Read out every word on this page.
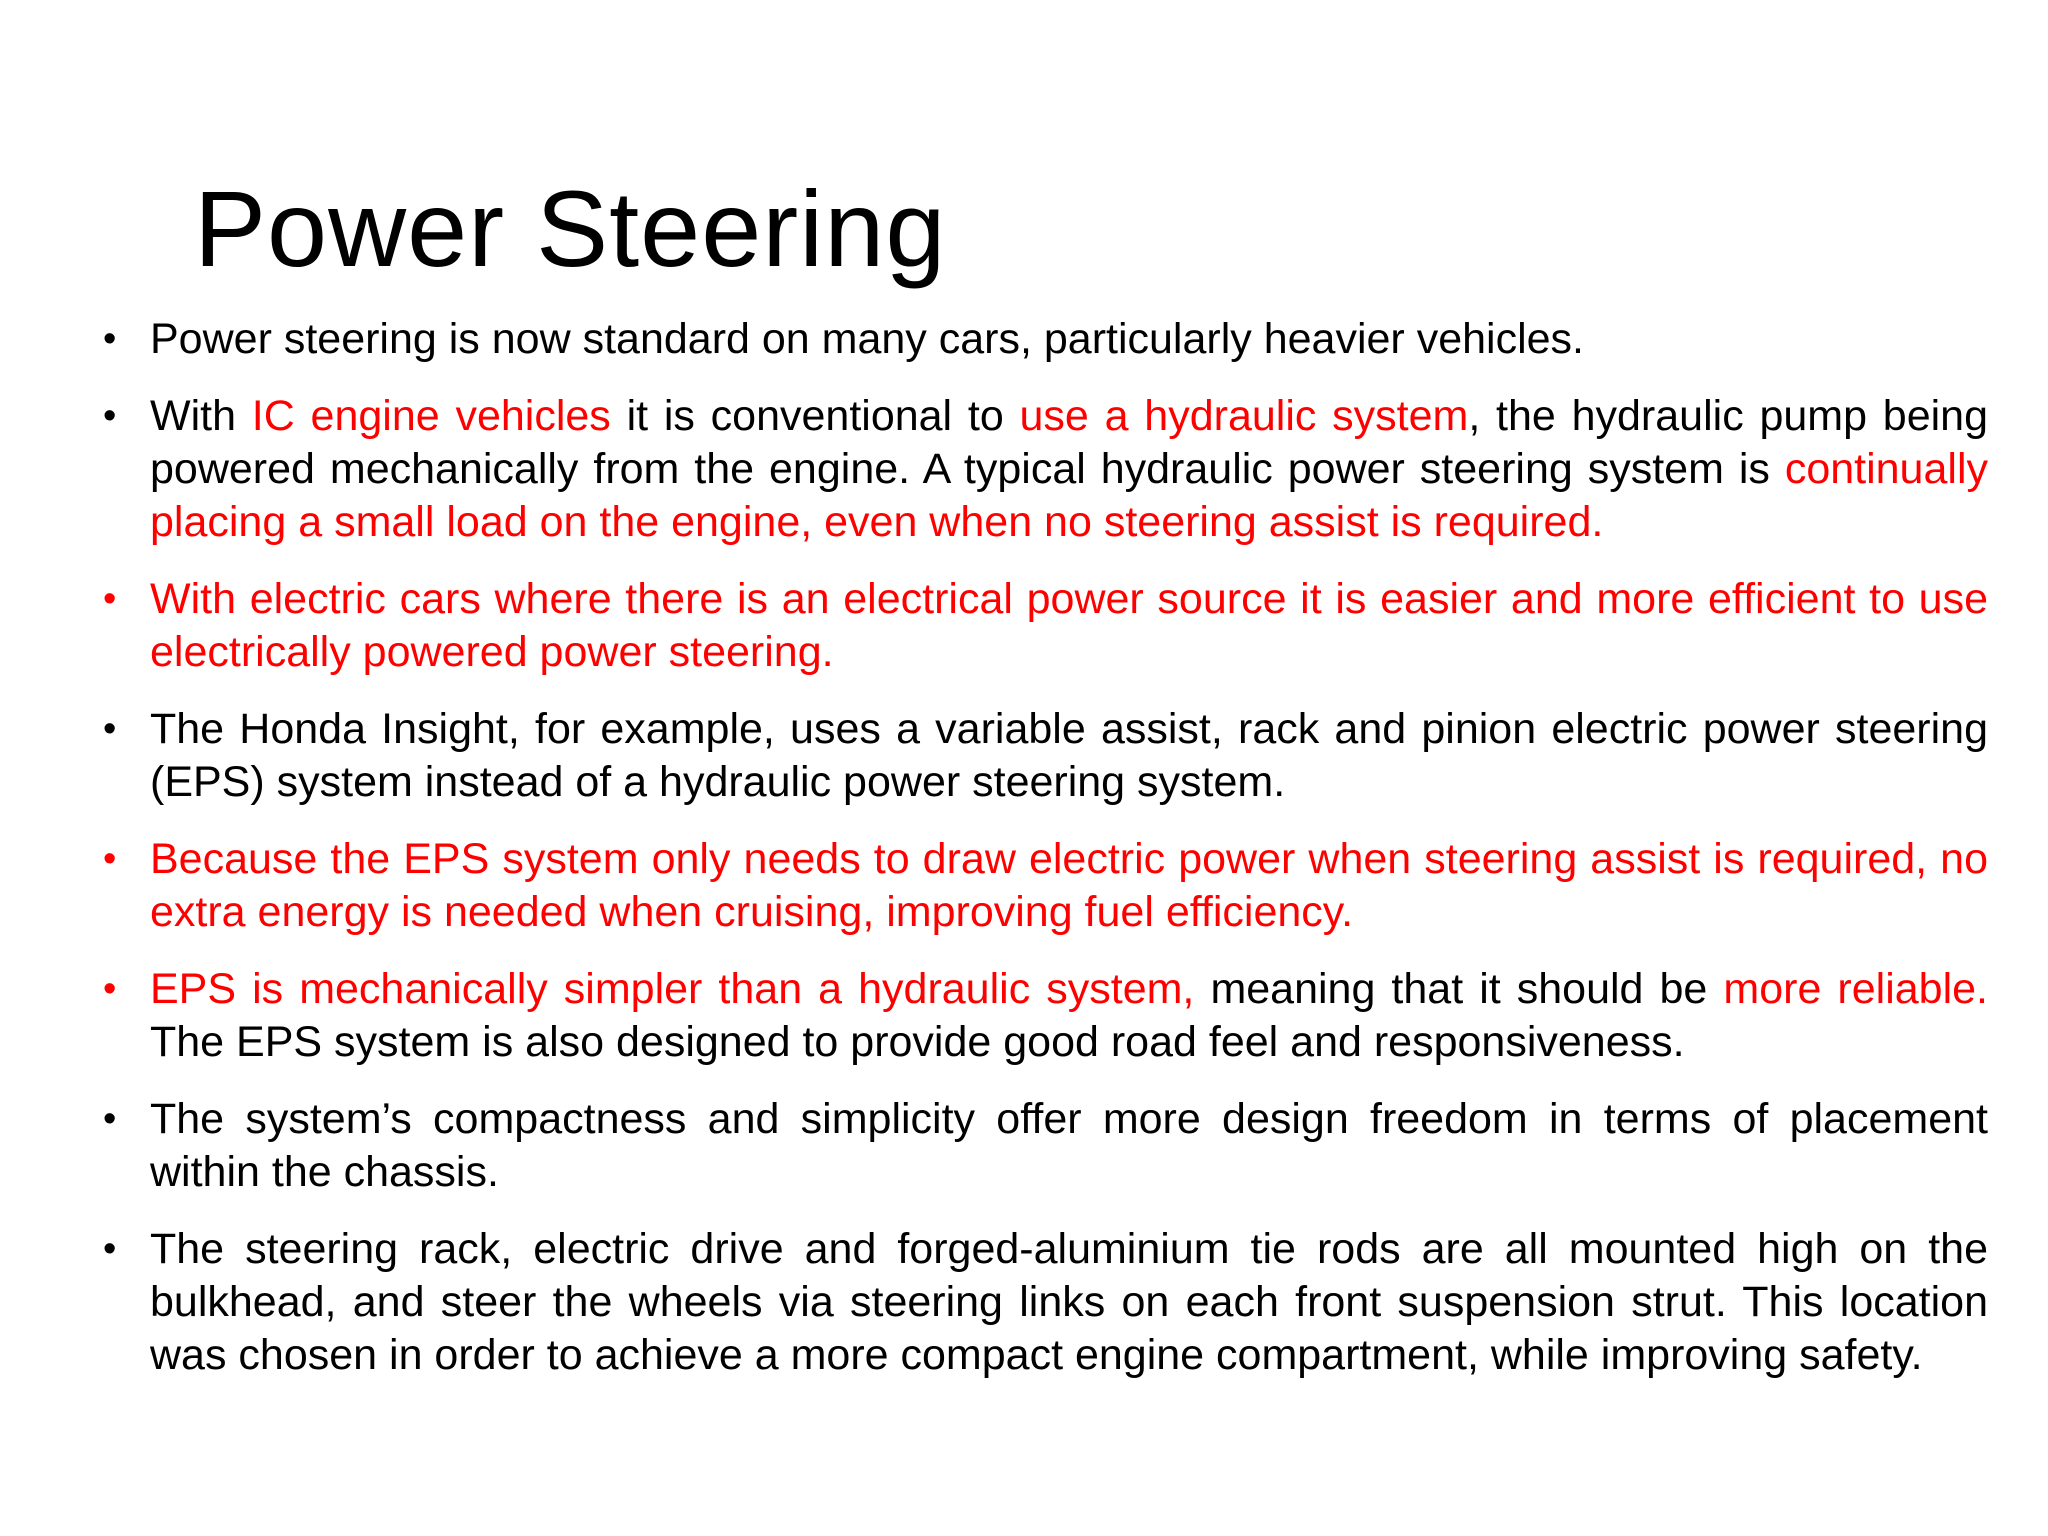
Power Steering
• Power steering is now standard on many cars, particularly heavier vehicles.
• With IC engine vehicles it is conventional to use a hydraulic system, the hydraulic pump being powered mechanically from the engine. A typical hydraulic power steering system is continually placing a small load on the engine, even when no steering assist is required.
• With electric cars where there is an electrical power source it is easier and more efficient to use electrically powered power steering.
• The Honda Insight, for example, uses a variable assist, rack and pinion electric power steering (EPS) system instead of a hydraulic power steering system.
• Because the EPS system only needs to draw electric power when steering assist is required, no extra energy is needed when cruising, improving fuel efficiency.
• EPS is mechanically simpler than a hydraulic system, meaning that it should be more reliable. The EPS system is also designed to provide good road feel and responsiveness.
• The system’s compactness and simplicity offer more design freedom in terms of placement within the chassis.
• The steering rack, electric drive and forged-aluminium tie rods are all mounted high on the bulkhead, and steer the wheels via steering links on each front suspension strut. This location was chosen in order to achieve a more compact engine compartment, while improving safety.
